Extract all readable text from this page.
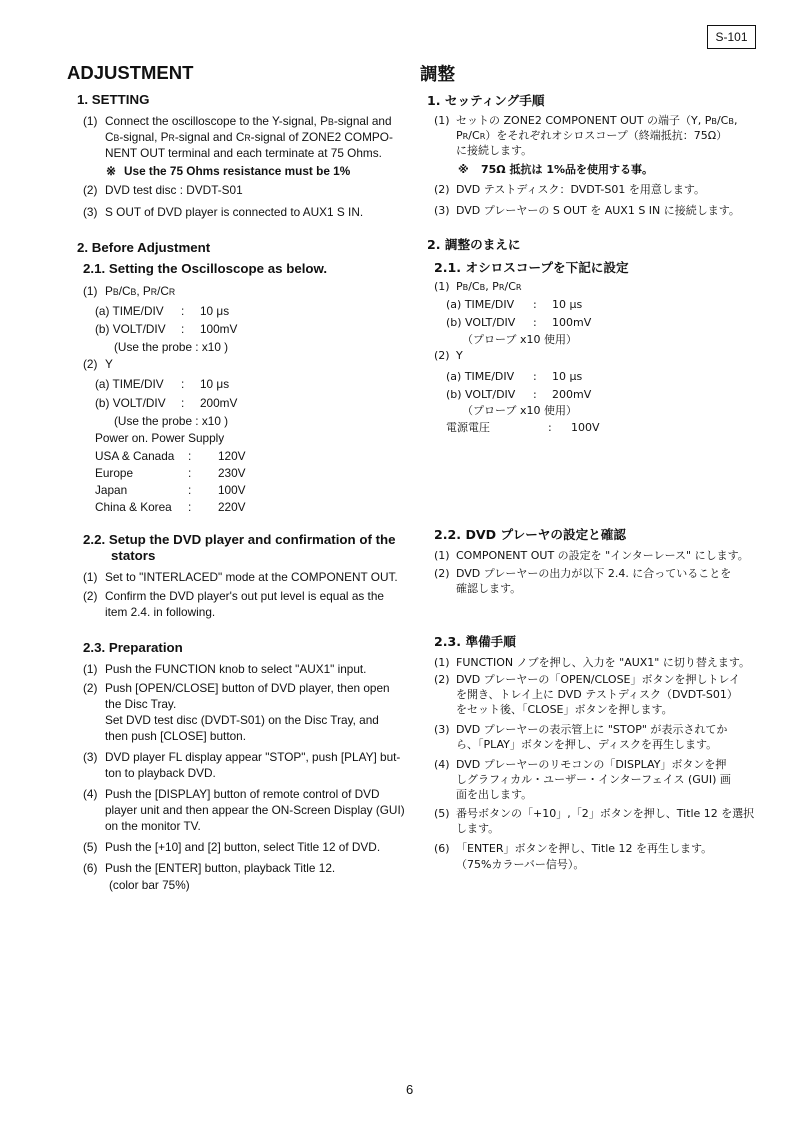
S-101
ADJUSTMENT
1. SETTING
(1) Connect the oscilloscope to the Y-signal, PB-signal and
CB-signal, PR-signal and CR-signal of ZONE2 COMPO-
NENT OUT terminal and each terminate at 75 Ohms.
※ Use the 75 Ohms resistance must be 1%
(2) DVD test disc : DVDT-S01
(3) S OUT of DVD player is connected to AUX1 S IN.
2. Before Adjustment
2.1. Setting the Oscilloscope as below.
(1) PB/CB, PR/CR
(a) TIME/DIV : 10 μs
(b) VOLT/DIV : 100mV
(Use the probe : x10 )
(2) Y
(a) TIME/DIV : 10 μs
(b) VOLT/DIV : 200mV
(Use the probe : x10 )
Power on. Power Supply
USA & Canada : 120V
Europe	: 230V
Japan	: 100V
China & Korea : 220V
2.2. Setup the DVD player and confirmation of the
stators
(1) Set to "INTERLACED" mode at the COMPONENT OUT.
(2) Confirm the DVD player's out put level is equal as the
item 2.4. in following.
2.3. Preparation
(1) Push the FUNCTION knob to select "AUX1" input.
(2) Push [OPEN/CLOSE] button of DVD player, then open
the Disc Tray.
Set DVD test disc (DVDT-S01) on the Disc Tray, and
then push [CLOSE] button.
(3) DVD player FL display appear "STOP", push [PLAY] but-
ton to playback DVD.
(4) Push the [DISPLAY] button of remote control of DVD
player unit and then appear the ON-Screen Display (GUI)
on the monitor TV.
(5) Push the [+10] and [2] button, select Title 12 of DVD.
(6) Push the [ENTER] button, playback Title 12.
(color bar 75%)
調整
1. セッティング手順
(1) セットの ZONE2 COMPONENT OUT の端子（Y, PB/CB,
PR/CR）をそれぞれオシロスコープ（終端抵抗：75Ω）
に接続します。
※ 75Ω 抵抗は 1%品を使用する事。
(2) DVD テストディスク：DVDT-S01 を用意します。
(3) DVD プレーヤーの S OUT を AUX1 S IN に接続します。
2. 調整のまえに
2.1. オシロスコープを下記に設定
(1) PB/CB, PR/CR
(a) TIME/DIV : 10 μs
(b) VOLT/DIV : 100mV
（プローブ x10 使用）
(2) Y
(a) TIME/DIV : 10 μs
(b) VOLT/DIV : 200mV
（プローブ x10 使用）
電源電圧	: 100V
2.2. DVD プレーヤの設定と確認
(1) COMPONENT OUT の設定を "インターレース" にします。
(2) DVD プレーヤーの出力が以下 2.4. に合っていることを
確認します。
2.3. 準備手順
(1) FUNCTION ノブを押し、入力を "AUX1" に切り替えます。
(2) DVD プレーヤーの「OPEN/CLOSE」ボタンを押しトレイ
を開き、トレイ上に DVD テストディスク（DVDT-S01）
をセット後、「CLOSE」ボタンを押します。
(3) DVD プレーヤーの表示管上に "STOP" が表示されてか
ら、「PLAY」ボタンを押し、ディスクを再生します。
(4) DVD プレーヤーのリモコンの「DISPLAY」ボタンを押
しグラフィカル・ユーザー・インターフェイス (GUI) 画
面を出します。
(5) 番号ボタンの「+10」,「2」ボタンを押し、Title 12 を選択
します。
(6) 「ENTER」ボタンを押し、Title 12 を再生します。
（75%カラーバー信号）。
6
